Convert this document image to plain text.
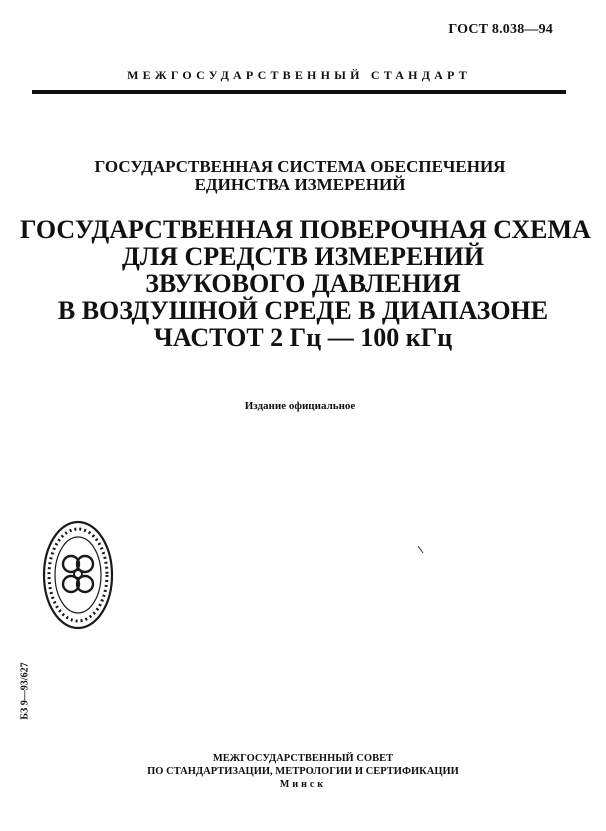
ГОСТ 8.038—94
МЕЖГОСУДАРСТВЕННЫЙ СТАНДАРТ
ГОСУДАРСТВЕННАЯ СИСТЕМА ОБЕСПЕЧЕНИЯ
ЕДИНСТВА ИЗМЕРЕНИЙ
ГОСУДАРСТВЕННАЯ ПОВЕРОЧНАЯ СХЕМА
ДЛЯ СРЕДСТВ ИЗМЕРЕНИЙ
ЗВУКОВОГО ДАВЛЕНИЯ
В ВОЗДУШНОЙ СРЕДЕ В ДИАПАЗОНЕ
ЧАСТОТ 2 Гц — 100 кГц
Издание официальное
БЗ 9—93/627
МЕЖГОСУДАРСТВЕННЫЙ СОВЕТ
ПО СТАНДАРТИЗАЦИИ, МЕТРОЛОГИИ И СЕРТИФИКАЦИИ
Минск
